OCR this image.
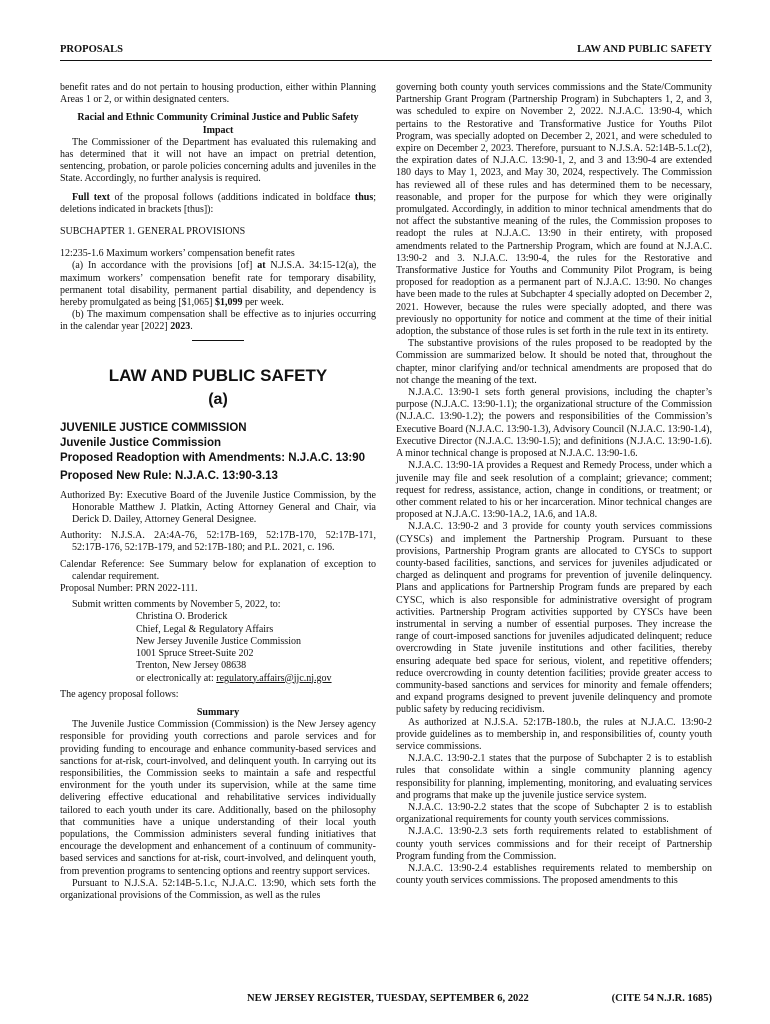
PROPOSALS	LAW AND PUBLIC SAFETY

benefit rates and do not pertain to housing production, either within Planning Areas 1 or 2, or within designated centers.

Racial and Ethnic Community Criminal Justice and Public Safety

Impact

The Commissioner of the Department has evaluated this rulemaking and has determined that it will not have an impact on pretrial detention, sentencing, probation, or parole policies concerning adults and juveniles in the State. Accordingly, no further analysis is required.

Full text of the proposal follows (additions indicated in boldface thus; deletions indicated in brackets [thus]):

SUBCHAPTER 1. GENERAL PROVISIONS

12:235-1.6 Maximum workers’ compensation benefit rates

(a) In accordance with the provisions [of] at N.J.S.A. 34:15-12(a), the maximum workers’ compensation benefit rate for temporary disability, permanent total disability, permanent partial disability, and dependency is hereby promulgated as being [$1,065] $1,099 per week.

(b) The maximum compensation shall be effective as to injuries occurring in the calendar year [2022] 2023.

LAW AND PUBLIC SAFETY
(a)

JUVENILE JUSTICE COMMISSION

Juvenile Justice Commission

Proposed Readoption with Amendments: N.J.A.C. 13:90

Proposed New Rule: N.J.A.C. 13:90-3.13

Authorized By: Executive Board of the Juvenile Justice Commission, by the Honorable Matthew J. Platkin, Acting Attorney General and Chair, via Derick D. Dailey, Attorney General Designee.

Authority: N.J.S.A. 2A:4A-76, 52:17B-169, 52:17B-170, 52:17B-171, 52:17B-176, 52:17B-179, and 52:17B-180; and P.L. 2021, c. 196.

Calendar Reference: See Summary below for explanation of exception to calendar requirement.

Proposal Number: PRN 2022-111.

Submit written comments by November 5, 2022, to:

Christina O. Broderick

Chief, Legal & Regulatory Affairs

New Jersey Juvenile Justice Commission

1001 Spruce Street-Suite 202

Trenton, New Jersey 08638

or electronically at: regulatory.affairs@jjc.nj.gov

The agency proposal follows:

Summary

The Juvenile Justice Commission (Commission) is the New Jersey agency responsible for providing youth corrections and parole services and for providing funding to encourage and enhance community-based services and sanctions for at-risk, court-involved, and delinquent youth. In carrying out its responsibilities, the Commission seeks to maintain a safe and respectful environment for the youth under its supervision, while at the same time delivering effective educational and rehabilitative services individually tailored to each youth under its care. Additionally, based on the philosophy that communities have a unique understanding of their local youth populations, the Commission administers several funding initiatives that encourage the development and enhancement of a continuum of community-based services and sanctions for at-risk, court-involved, and delinquent youth, from prevention programs to sentencing options and reentry support services.

Pursuant to N.J.S.A. 52:14B-5.1.c, N.J.A.C. 13:90, which sets forth the organizational provisions of the Commission, as well as the rules

governing both county youth services commissions and the State/Community Partnership Grant Program (Partnership Program) in Subchapters 1, 2, and 3, was scheduled to expire on November 2, 2022. N.J.A.C. 13:90-4, which pertains to the Restorative and Transformative Justice for Youths Pilot Program, was specially adopted on December 2, 2021, and were scheduled to expire on December 2, 2023. Therefore, pursuant to N.J.S.A. 52:14B-5.1.c(2), the expiration dates of N.J.A.C. 13:90-1, 2, and 3 and 13:90-4 are extended 180 days to May 1, 2023, and May 30, 2024, respectively. The Commission has reviewed all of these rules and has determined them to be necessary, reasonable, and proper for the purpose for which they were originally promulgated. Accordingly, in addition to minor technical amendments that do not affect the substantive meaning of the rules, the Commission proposes to readopt the rules at N.J.A.C. 13:90 in their entirety, with proposed amendments related to the Partnership Program, which are found at N.J.A.C. 13:90-2 and 3. N.J.A.C. 13:90-4, the rules for the Restorative and Transformative Justice for Youths and Community Pilot Program, is being proposed for readoption as a permanent part of N.J.A.C. 13:90. No changes have been made to the rules at Subchapter 4 specially adopted on December 2, 2021. However, because the rules were specially adopted, and there was previously no opportunity for notice and comment at the time of their initial adoption, the substance of those rules is set forth in the rule text in its entirety.

The substantive provisions of the rules proposed to be readopted by the Commission are summarized below. It should be noted that, throughout the chapter, minor clarifying and/or technical amendments are proposed that do not change the meaning of the text.

N.J.A.C. 13:90-1 sets forth general provisions, including the chapter’s purpose (N.J.A.C. 13:90-1.1); the organizational structure of the Commission (N.J.A.C. 13:90-1.2); the powers and responsibilities of the Commission’s Executive Board (N.J.A.C. 13:90-1.3), Advisory Council (N.J.A.C. 13:90-1.4), Executive Director (N.J.A.C. 13:90-1.5); and definitions (N.J.A.C. 13:90-1.6). A minor technical change is proposed at N.J.A.C. 13:90-1.6.

N.J.A.C. 13:90-1A provides a Request and Remedy Process, under which a juvenile may file and seek resolution of a complaint; grievance; comment; request for redress, assistance, action, change in conditions, or treatment; or other comment related to his or her incarceration. Minor technical changes are proposed at N.J.A.C. 13:90-1A.2, 1A.6, and 1A.8.

N.J.A.C. 13:90-2 and 3 provide for county youth services commissions (CYSCs) and implement the Partnership Program. Pursuant to these provisions, Partnership Program grants are allocated to CYSCs to support county-based facilities, sanctions, and services for juveniles adjudicated or charged as delinquent and programs for prevention of juvenile delinquency. Plans and applications for Partnership Program funds are prepared by each CYSC, which is also responsible for administrative oversight of program activities. Partnership Program activities supported by CYSCs have been instrumental in serving a number of essential purposes. They increase the range of court-imposed sanctions for juveniles adjudicated delinquent; reduce overcrowding in State juvenile institutions and other facilities, thereby ensuring adequate bed space for serious, violent, and repetitive offenders; reduce overcrowding in county detention facilities; provide greater access to community-based sanctions and services for minority and female offenders; and expand programs designed to prevent juvenile delinquency and promote public safety by reducing recidivism.

As authorized at N.J.S.A. 52:17B-180.b, the rules at N.J.A.C. 13:90-2 provide guidelines as to membership in, and responsibilities of, county youth service commissions.

N.J.A.C. 13:90-2.1 states that the purpose of Subchapter 2 is to establish rules that consolidate within a single community planning agency responsibility for planning, implementing, monitoring, and evaluating services and programs that make up the juvenile justice service system.

N.J.A.C. 13:90-2.2 states that the scope of Subchapter 2 is to establish organizational requirements for county youth services commissions.

N.J.A.C. 13:90-2.3 sets forth requirements related to establishment of county youth services commissions and for their receipt of Partnership Program funding from the Commission.

N.J.A.C. 13:90-2.4 establishes requirements related to membership on county youth services commissions. The proposed amendments to this

NEW JERSEY REGISTER, TUESDAY, SEPTEMBER 6, 2022	(CITE 54 N.J.R. 1685)
